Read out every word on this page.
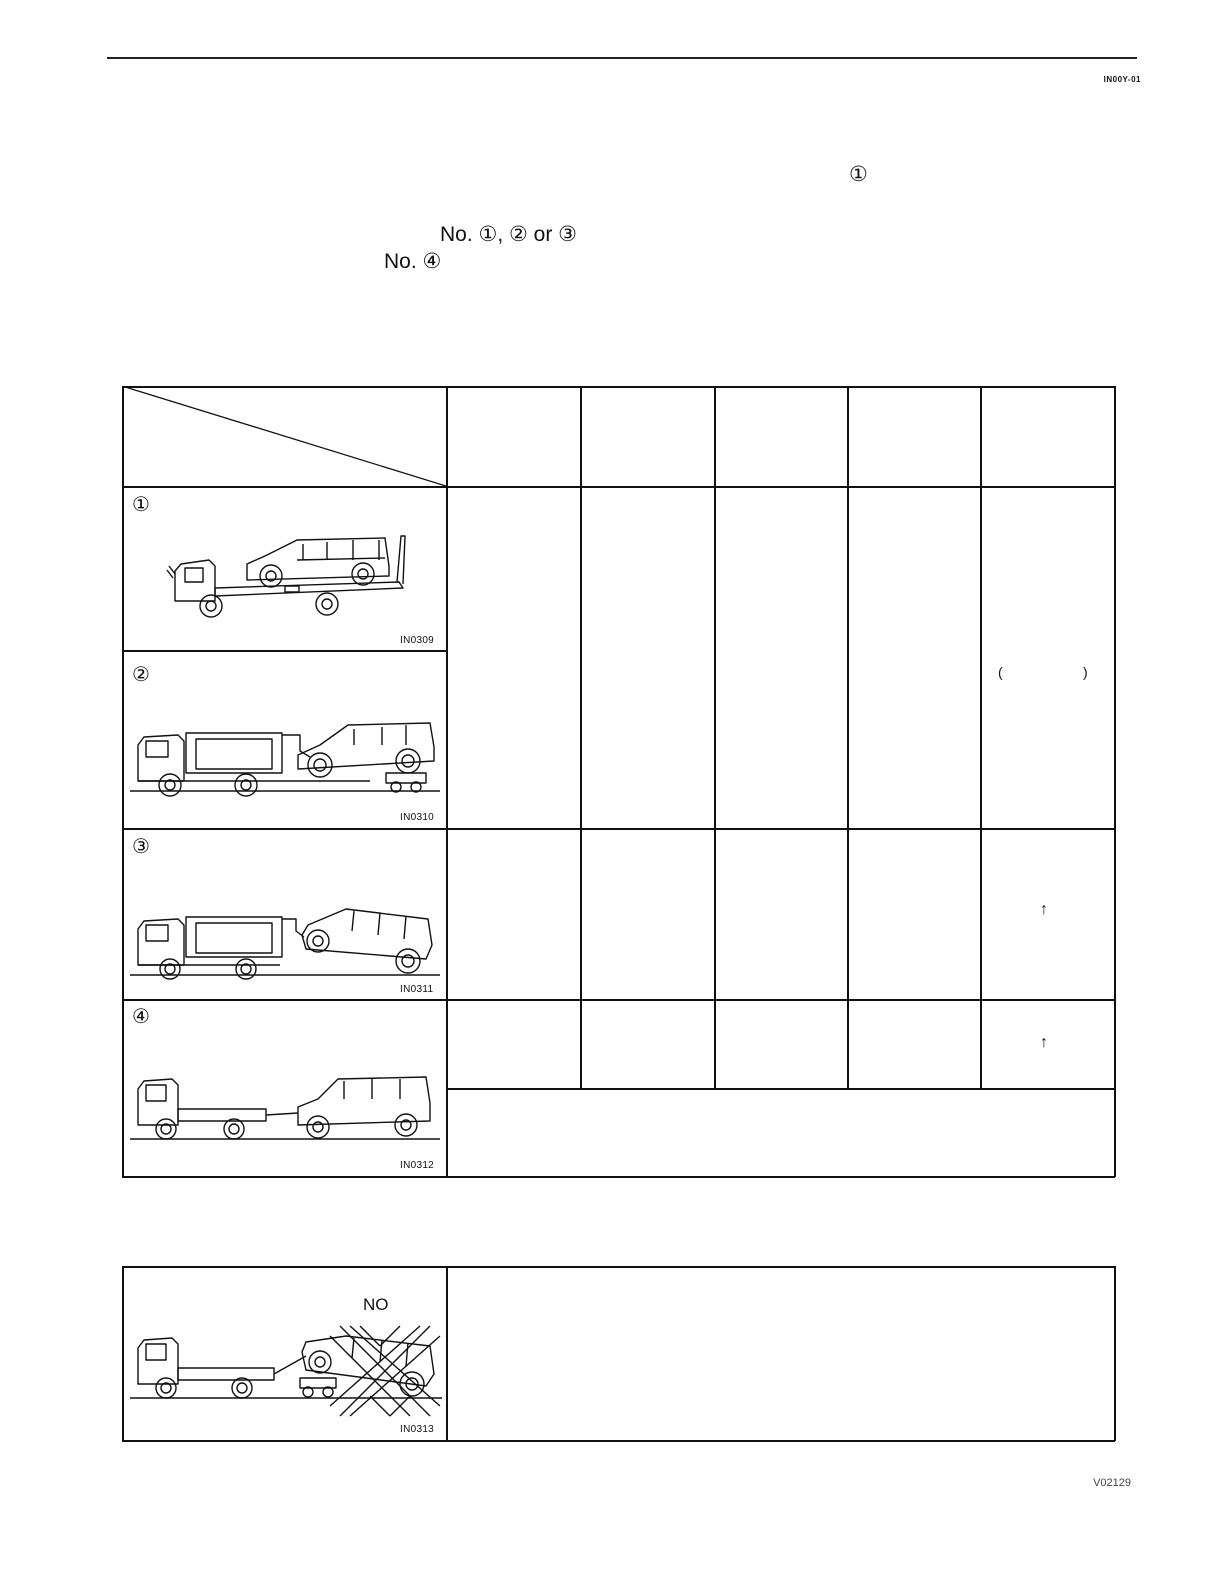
IN00Y-01
①
No. ①, ② or ③
No. ④
①
IN0309
②
IN0310
(	)
③
IN0311
↑
④
IN0312
↑
NO
IN0313
V02129
